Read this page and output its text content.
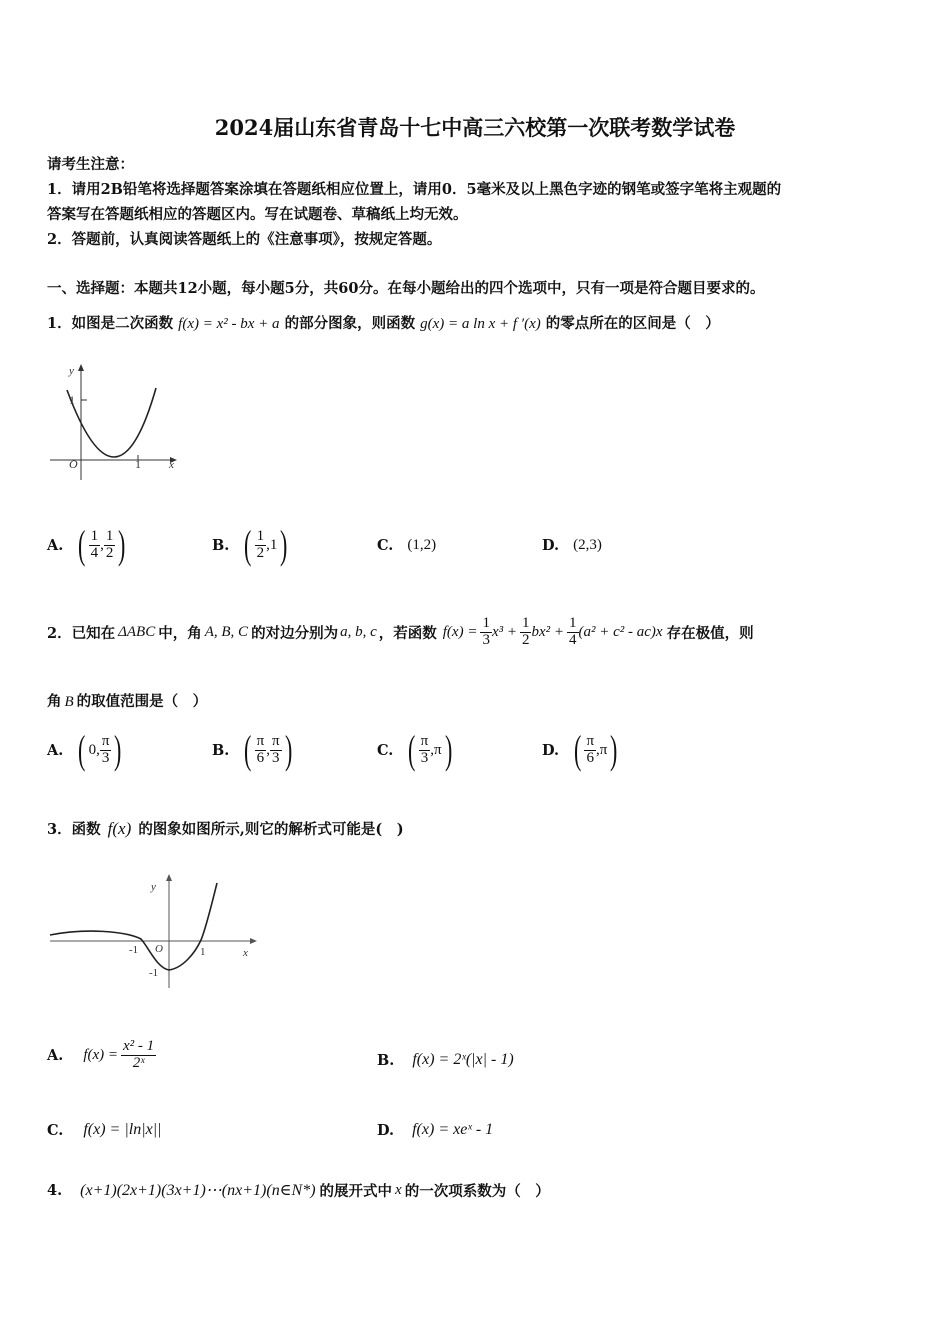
2024届山东省青岛十七中高三六校第一次联考数学试卷
请考生注意：
1．请用2B铅笔将选择题答案涂填在答题纸相应位置上，请用0．5毫米及以上黑色字迹的钢笔或签字笔将主观题的
答案写在答题纸相应的答题区内。写在试题卷、草稿纸上均无效。
2．答题前，认真阅读答题纸上的《注意事项》，按规定答题。
一、选择题：本题共12小题，每小题5分，共60分。在每小题给出的四个选项中，只有一项是符合题目要求的。
1．如图是二次函数 f(x) = x² - bx + a 的部分图象，则函数 g(x) = a ln x + f ′(x) 的零点所在的区间是（　）
y
x
O
1
1
A. ( $\frac{1}{4}$ , $\frac{1}{2}$ )	B. ( $\frac{1}{2} ,1$ )	C. (1,2)	D. (2,3)
2．已知在 ΔABC 中，角 A, B, C 的对边分别为 a, b, c ，若函数 $f(x) = \frac{1}{3} x^3 + \frac{1}{2} bx^2 + \frac{1}{4} (a^2 + c^2 - ac)x$ 存在极值，则
角 B 的取值范围是（　）
A. ( 0, $\frac{\pi}{3}$ )	B. ( $\frac{\pi}{6}$ , $\frac{\pi}{3}$ )	C. ( $\frac{\pi}{3} ,\pi$ )	D. ( $\frac{\pi}{6} ,\pi$ )
3．函数 f(x) 的图象如图所示,则它的解析式可能是(　)
y
x
O
-1	1
-1
A. $f(x) = \frac{\text{x² - 1}}{\text{2ˣ}}$	B. f(x) = 2ˣ(|x| - 1)
C. f(x) = |ln|x||	D. f(x) = xeˣ - 1
4. (x+1)(2x+1)(3x+1)⋯(nx+1)(n∈N*) 的展开式中 x 的一次项系数为（　）
